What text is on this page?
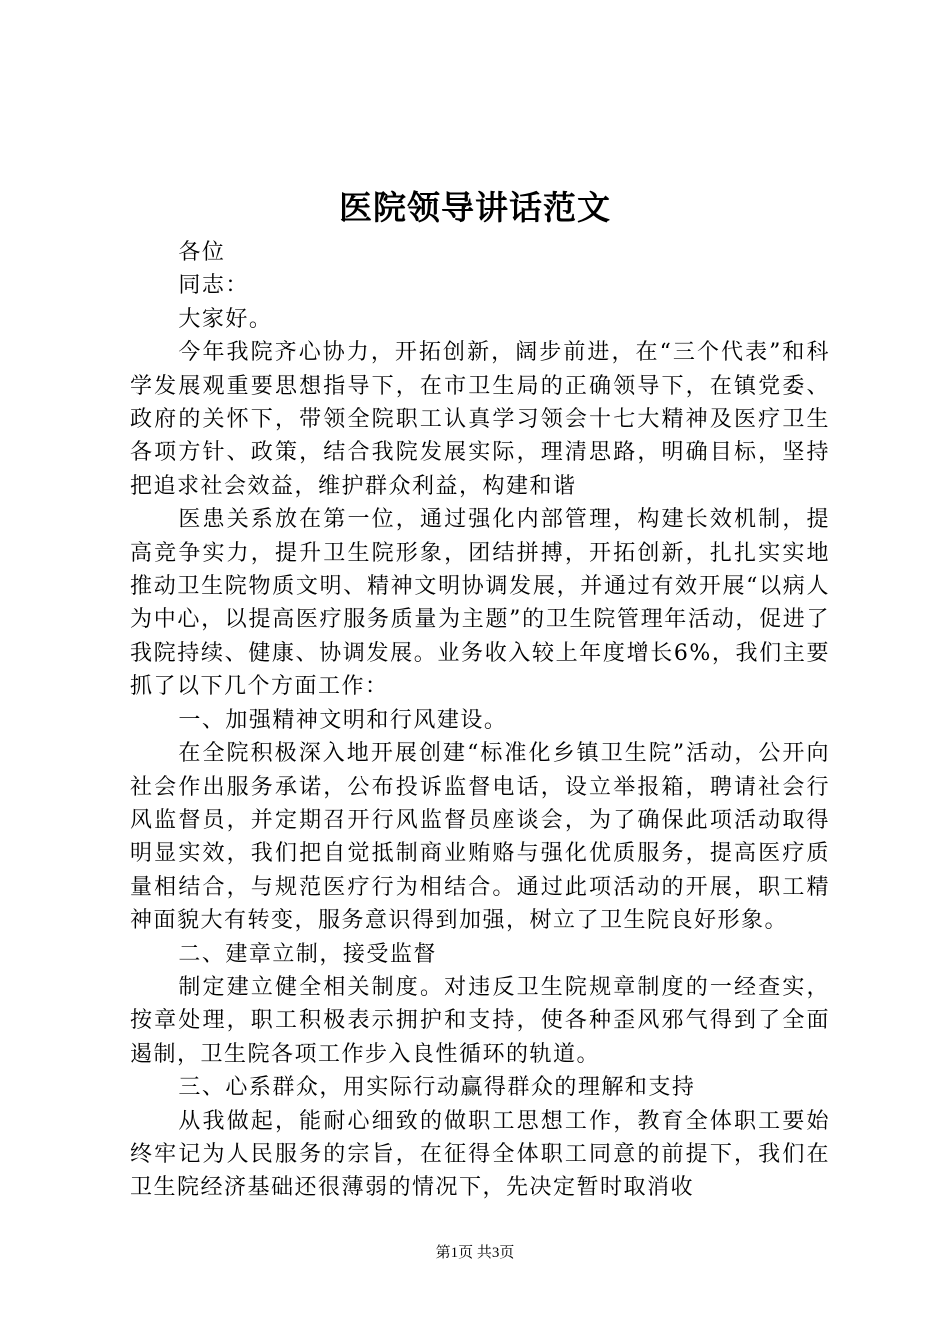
医院领导讲话范文

各位

同志：

大家好。

今年我院齐心协力，开拓创新，阔步前进，在“三个代表”和科学发展观重要思想指导下，在市卫生局的正确领导下，在镇党委、政府的关怀下，带领全院职工认真学习领会十七大精神及医疗卫生各项方针、政策，结合我院发展实际，理清思路，明确目标，坚持把追求社会效益，维护群众利益，构建和谐

医患关系放在第一位，通过强化内部管理，构建长效机制，提高竞争实力，提升卫生院形象，团结拼搏，开拓创新，扎扎实实地推动卫生院物质文明、精神文明协调发展，并通过有效开展“以病人为中心，以提高医疗服务质量为主题”的卫生院管理年活动，促进了我院持续、健康、协调发展。业务收入较上年度增长6%，我们主要抓了以下几个方面工作：

一、加强精神文明和行风建设。

在全院积极深入地开展创建“标准化乡镇卫生院”活动，公开向社会作出服务承诺，公布投诉监督电话，设立举报箱，聘请社会行风监督员，并定期召开行风监督员座谈会，为了确保此项活动取得明显实效，我们把自觉抵制商业贿赂与强化优质服务，提高医疗质量相结合，与规范医疗行为相结合。通过此项活动的开展，职工精神面貌大有转变，服务意识得到加强，树立了卫生院良好形象。

二、建章立制，接受监督

制定建立健全相关制度。对违反卫生院规章制度的一经查实，按章处理，职工积极表示拥护和支持，使各种歪风邪气得到了全面遏制，卫生院各项工作步入良性循环的轨道。

三、心系群众，用实际行动赢得群众的理解和支持

从我做起，能耐心细致的做职工思想工作，教育全体职工要始终牢记为人民服务的宗旨，在征得全体职工同意的前提下，我们在卫生院经济基础还很薄弱的情况下，先决定暂时取消收

第1页 共3页
